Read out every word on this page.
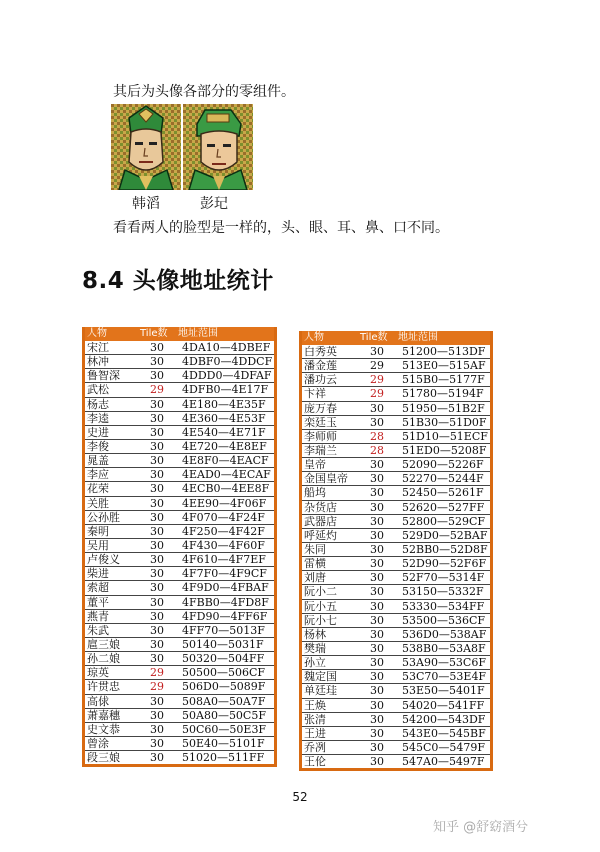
其后为头像各部分的零组件。
韩滔	彭玘
看看两人的脸型是一样的，头、眼、耳、鼻、口不同。
8.4 头像地址统计
人物	Tile数	地址范围
宋江	30	4DA10—4DBEF
林冲	30	4DBF0—4DDCF
鲁智深	30	4DDD0—4DFAF
武松	29	4DFB0—4E17F
杨志	30	4E180—4E35F
李逵	30	4E360—4E53F
史进	30	4E540—4E71F
李俊	30	4E720—4E8EF
晁盖	30	4E8F0—4EACF
李应	30	4EAD0—4ECAF
花荣	30	4ECB0—4EE8F
关胜	30	4EE90—4F06F
公孙胜	30	4F070—4F24F
秦明	30	4F250—4F42F
吴用	30	4F430—4F60F
卢俊义	30	4F610—4F7EF
柴进	30	4F7F0—4F9CF
索超	30	4F9D0—4FBAF
董平	30	4FBB0—4FD8F
燕青	30	4FD90—4FF6F
朱武	30	4FF70—5013F
扈三娘	30	50140—5031F
孙二娘	30	50320—504FF
琼英	29	50500—506CF
许贯忠	29	506D0—5089F
高俅	30	508A0—50A7F
萧嘉穗	30	50A80—50C5F
史文恭	30	50C60—50E3F
曾涂	30	50E40—5101F
段三娘	30	51020—511FF
人物	Tile数	地址范围
白秀英	30	51200—513DF
潘金莲	29	513E0—515AF
潘功云	29	515B0—5177F
卞祥	29	51780—5194F
庞万春	30	51950—51B2F
栾廷玉	30	51B30—51D0F
李师师	28	51D10—51ECF
李瑞兰	28	51ED0—5208F
皇帝	30	52090—5226F
金国皇帝	30	52270—5244F
船坞	30	52450—5261F
杂货店	30	52620—527FF
武器店	30	52800—529CF
呼延灼	30	529D0—52BAF
朱同	30	52BB0—52D8F
雷横	30	52D90—52F6F
刘唐	30	52F70—5314F
阮小二	30	53150—5332F
阮小五	30	53330—534FF
阮小七	30	53500—536CF
杨林	30	536D0—538AF
樊瑞	30	538B0—53A8F
孙立	30	53A90—53C6F
魏定国	30	53C70—53E4F
单廷珪	30	53E50—5401F
王焕	30	54020—541FF
张清	30	54200—543DF
王进	30	543E0—545BF
乔冽	30	545C0—5479F
王伦	30	547A0—5497F
52
知乎 @舒窈酒兮
